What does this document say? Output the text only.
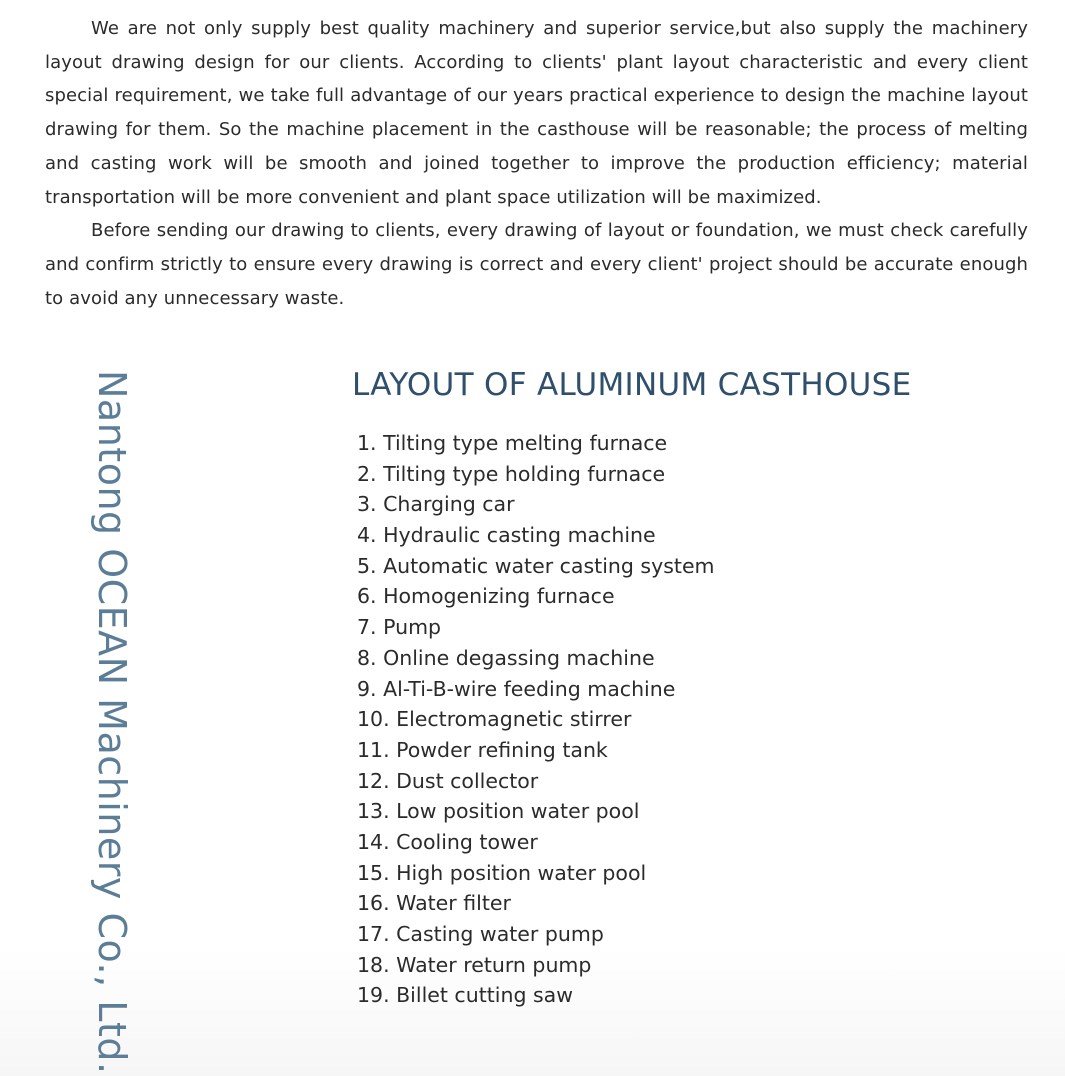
We are not only supply best quality machinery and superior service,but also supply the machinery layout drawing design for our clients. According to clients' plant layout characteristic and every client special requirement, we take full advantage of our years practical experience to design the machine layout drawing for them. So the machine placement in the casthouse will be reasonable; the process of melting and casting work will be smooth and joined together to improve the production efficiency; material transportation will be more convenient and plant space utilization will be maximized.

Before sending our drawing to clients, every drawing of layout or foundation, we must check carefully and confirm strictly to ensure every drawing is correct and every client' project should be accurate enough to avoid any unnecessary waste.

Nantong OCEAN Machinery Co., Ltd.	LAYOUT OF ALUMINUM CASTHOUSE
1. Tilting type melting furnace
2. Tilting type holding furnace
3. Charging car
4. Hydraulic casting machine
5. Automatic water casting system
6. Homogenizing furnace
7. Pump
8. Online degassing machine
9. Al-Ti-B-wire feeding machine
10. Electromagnetic stirrer
11. Powder refining tank
12. Dust collector
13. Low position water pool
14. Cooling tower
15. High position water pool
16. Water filter
17. Casting water pump
18. Water return pump
19. Billet cutting saw
